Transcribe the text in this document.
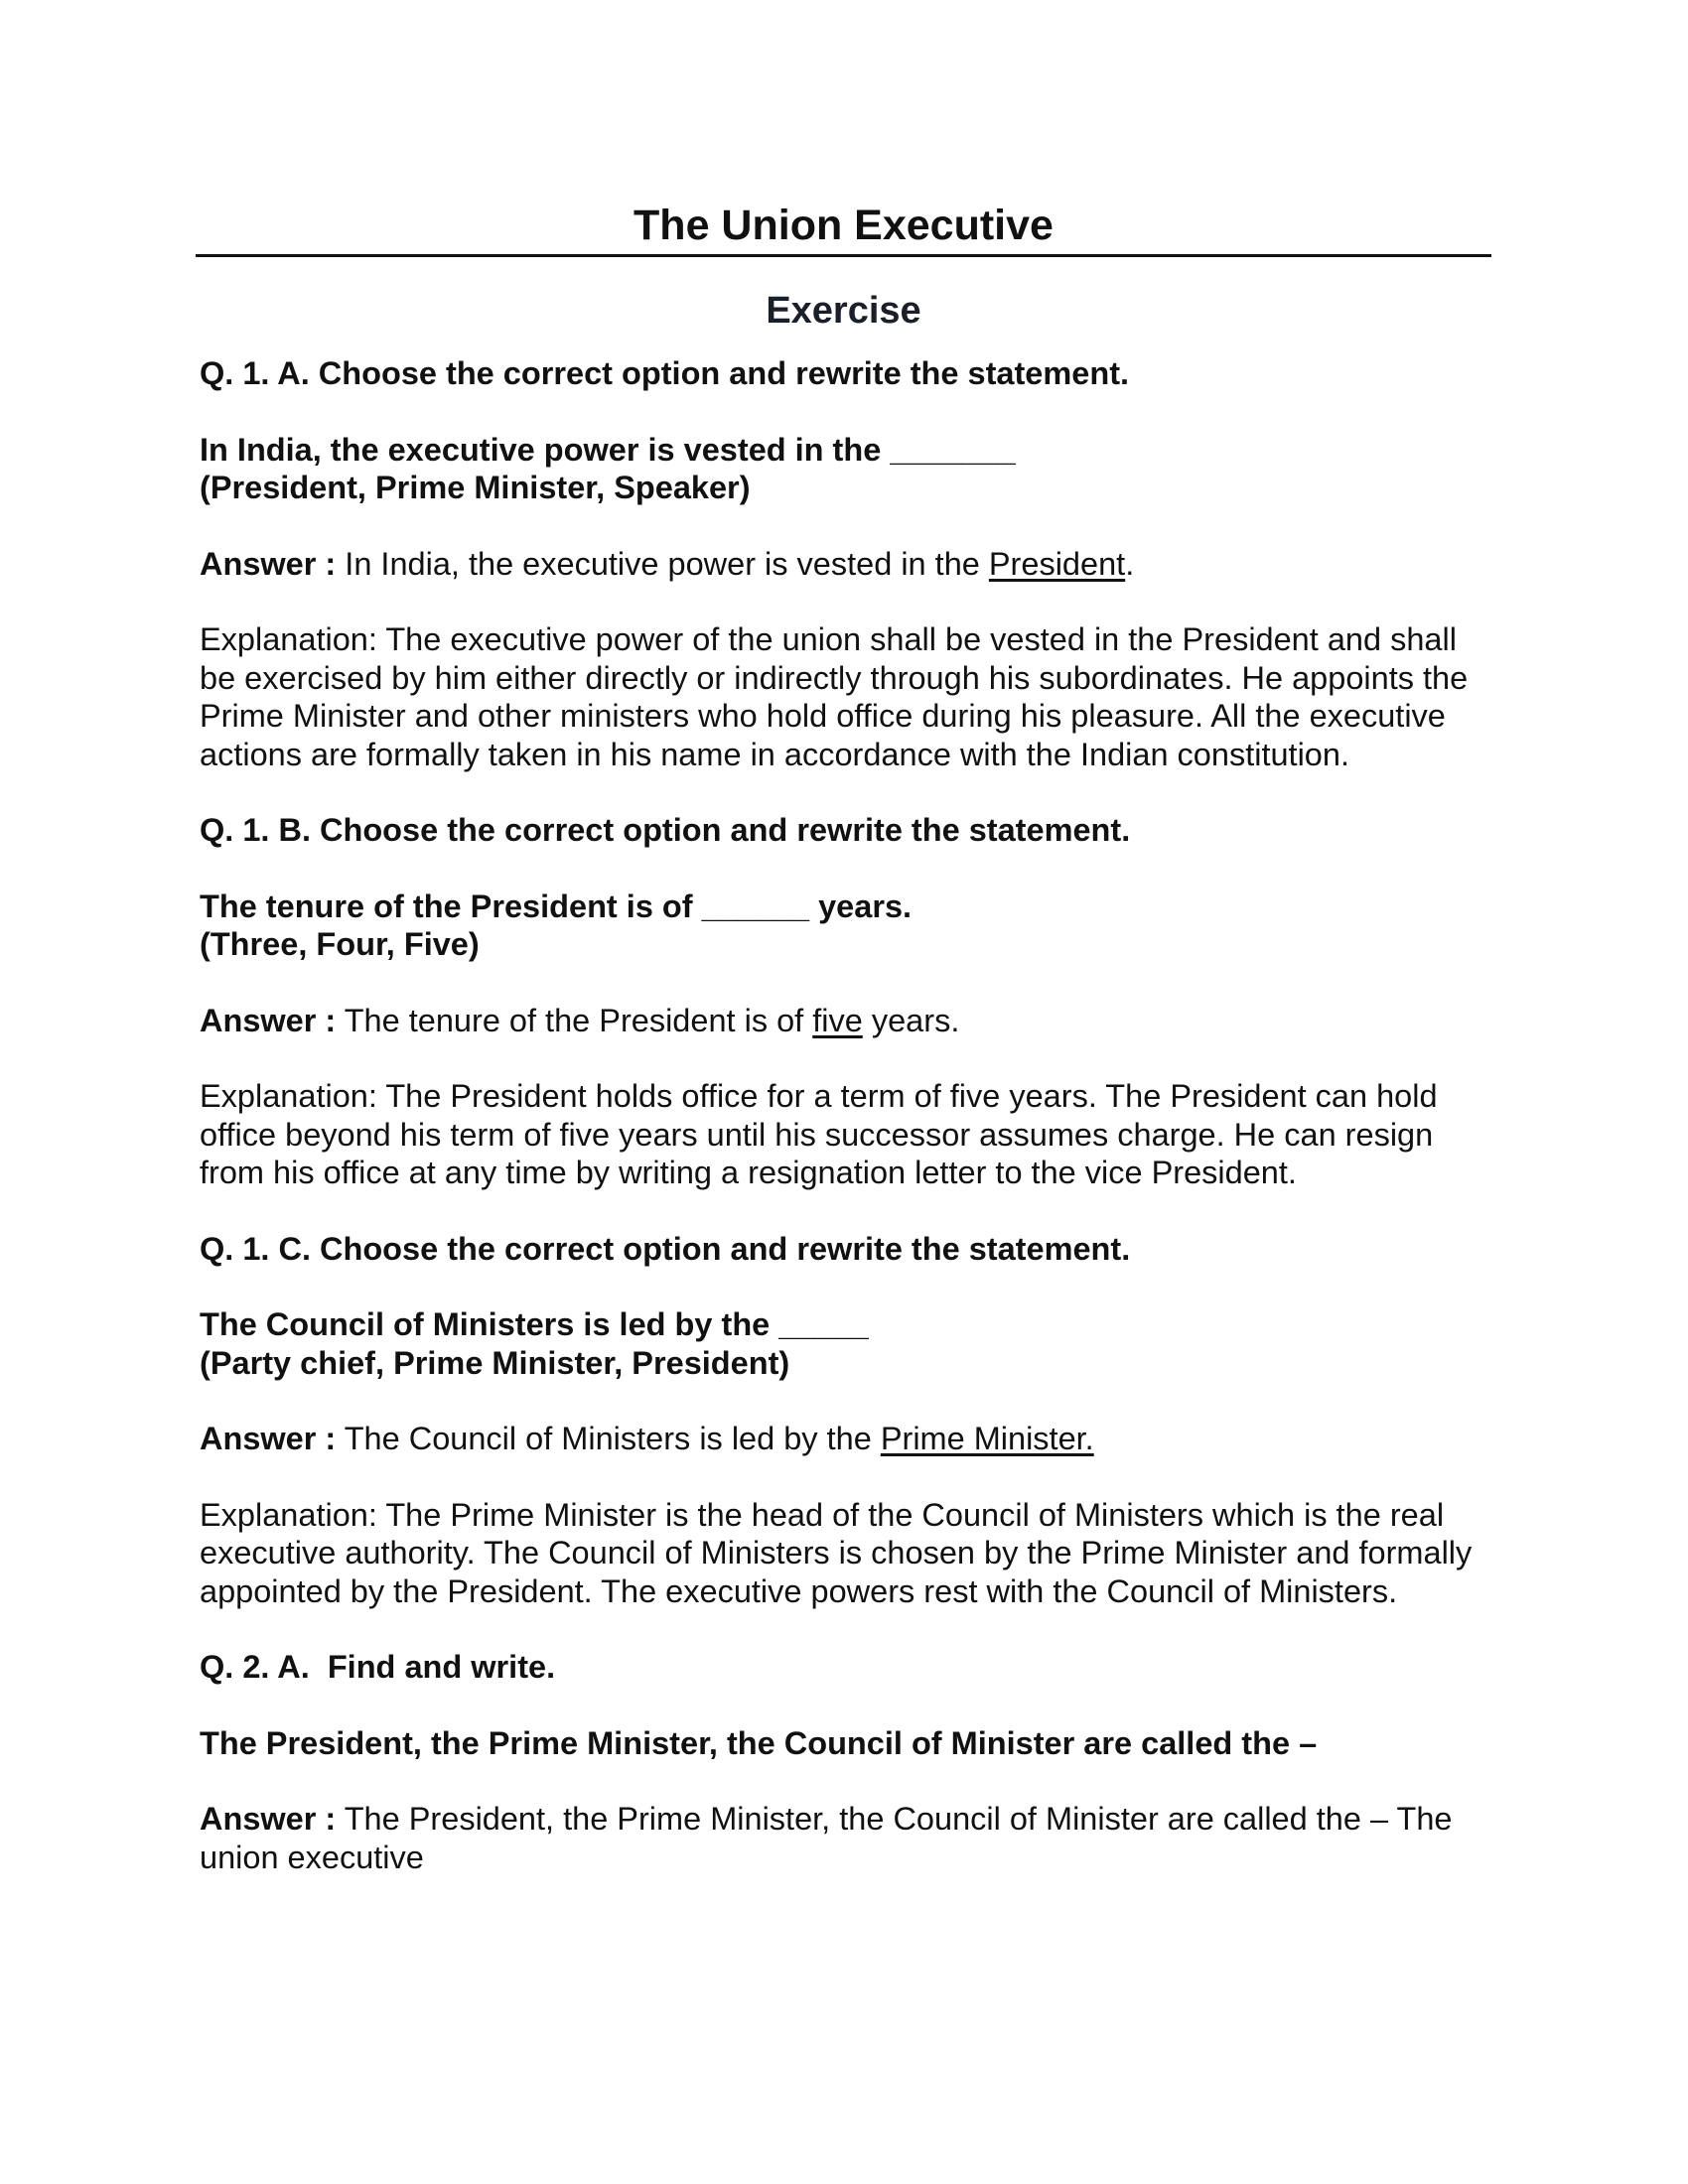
The Union Executive
Exercise

Q. 1. A. Choose the correct option and rewrite the statement.

In India, the executive power is vested in the _______
(President, Prime Minister, Speaker)

Answer : In India, the executive power is vested in the President.

Explanation: The executive power of the union shall be vested in the President and shall be exercised by him either directly or indirectly through his subordinates. He appoints the Prime Minister and other ministers who hold office during his pleasure. All the executive actions are formally taken in his name in accordance with the Indian constitution.

Q. 1. B. Choose the correct option and rewrite the statement.

The tenure of the President is of ______ years.
(Three, Four, Five)

Answer : The tenure of the President is of five years.

Explanation: The President holds office for a term of five years. The President can hold office beyond his term of five years until his successor assumes charge. He can resign from his office at any time by writing a resignation letter to the vice President.

Q. 1. C. Choose the correct option and rewrite the statement.

The Council of Ministers is led by the _____
(Party chief, Prime Minister, President)

Answer : The Council of Ministers is led by the Prime Minister.

Explanation: The Prime Minister is the head of the Council of Ministers which is the real executive authority. The Council of Ministers is chosen by the Prime Minister and formally appointed by the President. The executive powers rest with the Council of Ministers.

Q. 2. A.  Find and write.

The President, the Prime Minister, the Council of Minister are called the –

Answer : The President, the Prime Minister, the Council of Minister are called the – The union executive
